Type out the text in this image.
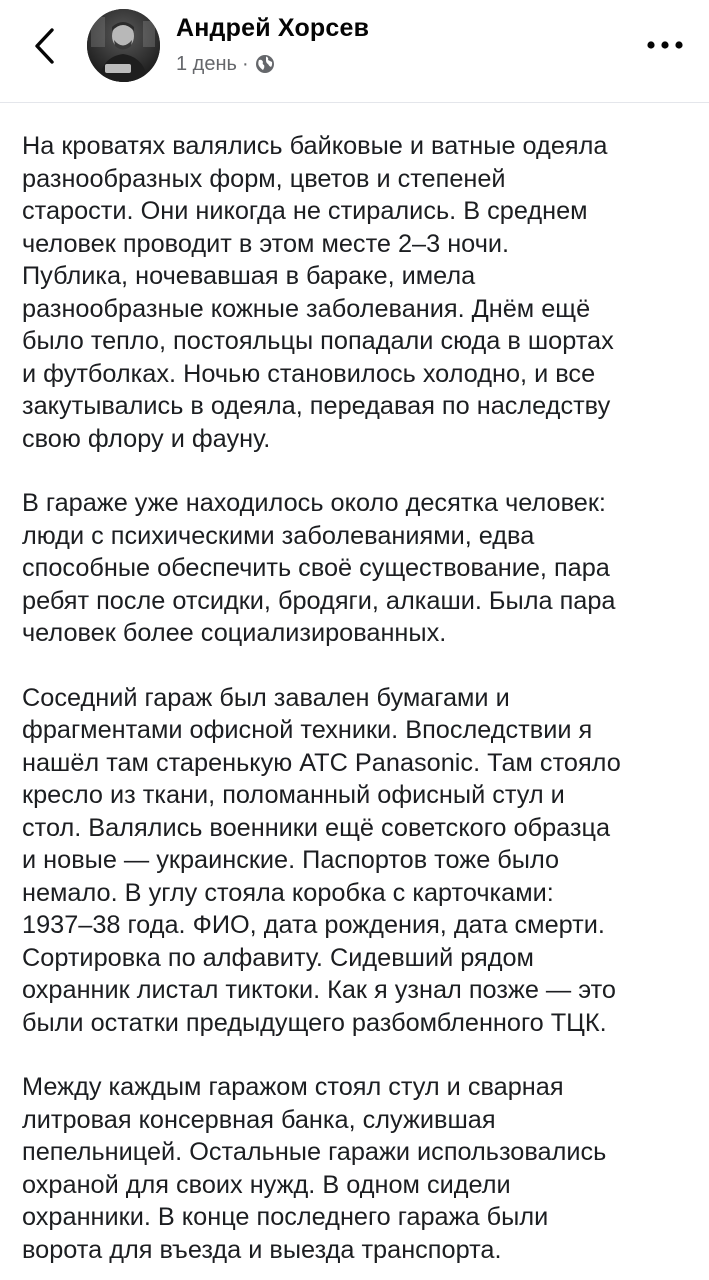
Андрей Хорсев
1 день ·

На кроватях валялись байковые и ватные одеяла
разнообразных форм, цветов и степеней
старости. Они никогда не стирались. В среднем
человек проводит в этом месте 2–3 ночи.
Публика, ночевавшая в бараке, имела
разнообразные кожные заболевания. Днём ещё
было тепло, постояльцы попадали сюда в шортах
и футболках. Ночью становилось холодно, и все
закутывались в одеяла, передавая по наследству
свою флору и фауну.

В гараже уже находилось около десятка человек:
люди с психическими заболеваниями, едва
способные обеспечить своё существование, пара
ребят после отсидки, бродяги, алкаши. Была пара
человек более социализированных.

Соседний гараж был завален бумагами и
фрагментами офисной техники. Впоследствии я
нашёл там старенькую АТС Panasonic. Там стояло
кресло из ткани, поломанный офисный стул и
стол. Валялись военники ещё советского образца
и новые — украинские. Паспортов тоже было
немало. В углу стояла коробка с карточками:
1937–38 года. ФИО, дата рождения, дата смерти.
Сортировка по алфавиту. Сидевший рядом
охранник листал тиктоки. Как я узнал позже — это
были остатки предыдущего разбомбленного ТЦК.

Между каждым гаражом стоял стул и сварная
литровая консервная банка, служившая
пепельницей. Остальные гаражи использовались
охраной для своих нужд. В одном сидели
охранники. В конце последнего гаража были
ворота для въезда и выезда транспорта.
